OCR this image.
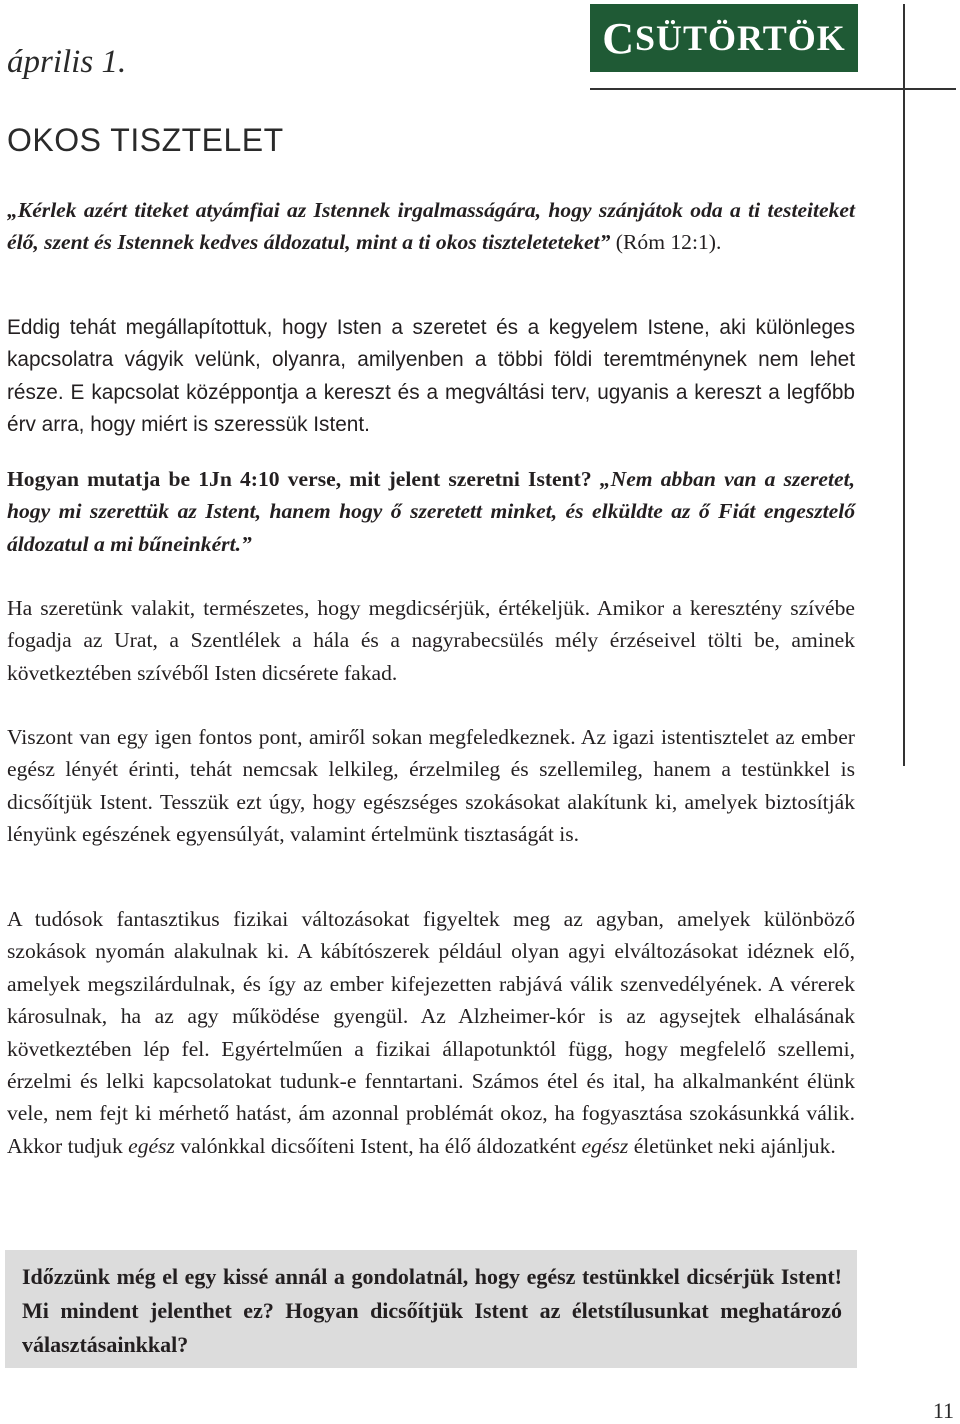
április 1.	C SÜTÖRTÖK
OKOS TISZTELET
„Kérlek azért titeket atyámfiai az Istennek irgalmasságára, hogy szánjátok oda a ti testeiteket élő, szent és Istennek kedves áldozatul, mint a ti okos tiszteleteteket” (Róm 12:1).
Eddig tehát megállapítottuk, hogy Isten a szeretet és a kegyelem Istene, aki különleges kapcsolatra vágyik velünk, olyanra, amilyenben a többi földi teremtménynek nem lehet része. E kapcsolat középpontja a kereszt és a megváltási terv, ugyanis a kereszt a legfőbb érv arra, hogy miért is szeressük Istent.
Hogyan mutatja be 1Jn 4:10 verse, mit jelent szeretni Istent? „Nem abban van a szeretet, hogy mi szerettük az Istent, hanem hogy ő szeretett minket, és elküldte az ő Fiát engesztelő áldozatul a mi bűneinkért.”
Ha szeretünk valakit, természetes, hogy megdicsérjük, értékeljük. Amikor a keresztény szívébe fogadja az Urat, a Szentlélek a hála és a nagyrabecsülés mély érzéseivel tölti be, aminek következtében szívéből Isten dicsérete fakad.
Viszont van egy igen fontos pont, amiről sokan megfeledkeznek. Az igazi istentisztelet az ember egész lényét érinti, tehát nemcsak lelkileg, érzelmileg és szellemileg, hanem a testünkkel is dicsőítjük Istent. Tesszük ezt úgy, hogy egészséges szokásokat alakítunk ki, amelyek biztosítják lényünk egészének egyensúlyát, valamint értelmünk tisztaságát is.
A tudósok fantasztikus fizikai változásokat figyeltek meg az agyban, amelyek különböző szokások nyomán alakulnak ki. A kábítószerek például olyan agyi elváltozásokat idéznek elő, amelyek megszilárdulnak, és így az ember kifejezetten rabjává válik szenvedélyének. A vérerek károsulnak, ha az agy működése gyengül. Az Alzheimer-kór is az agysejtek elhalásának következtében lép fel. Egyértelműen a fizikai állapotunktól függ, hogy megfelelő szellemi, érzelmi és lelki kapcsolatokat tudunk-e fenntartani. Számos étel és ital, ha alkalmanként élünk vele, nem fejt ki mérhető hatást, ám azonnal problémát okoz, ha fogyasztása szokásunkká válik. Akkor tudjuk egész valónkkal dicsőíteni Istent, ha élő áldozatként egész életünket neki ajánljuk.
Időzzünk még el egy kissé annál a gondolatnál, hogy egész testünkkel dicsérjük Istent! Mi mindent jelenthet ez? Hogyan dicsőítjük Istent az életstílusunkat meghatározó választásainkkal?
11
